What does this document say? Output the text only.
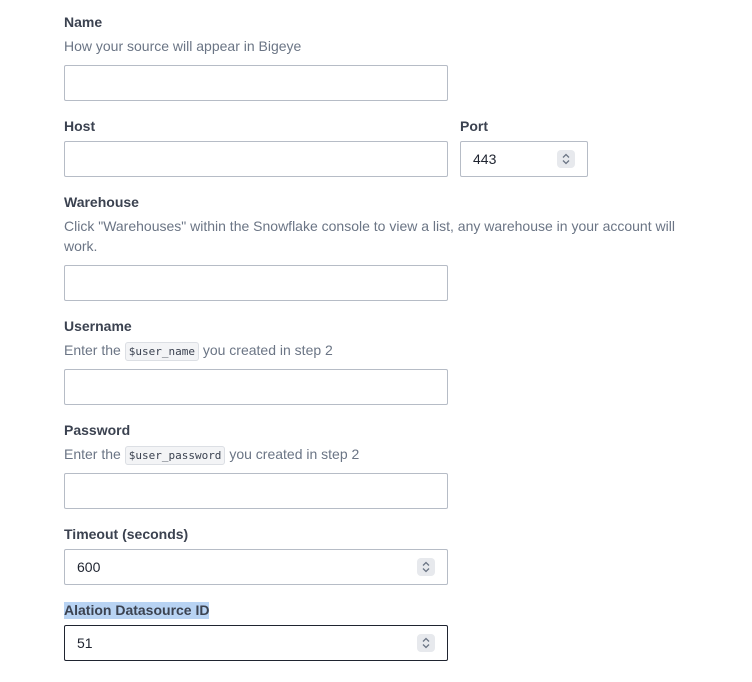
Name

How your source will appear in Bigeye

Host	Port

443

Warehouse

Click "Warehouses" within the Snowflake console to view a list, any warehouse in your account will work.

Username

Enter the $user_name you created in step 2

Password

Enter the $user_password you created in step 2

Timeout (seconds)

600

Alation Datasource ID

51
